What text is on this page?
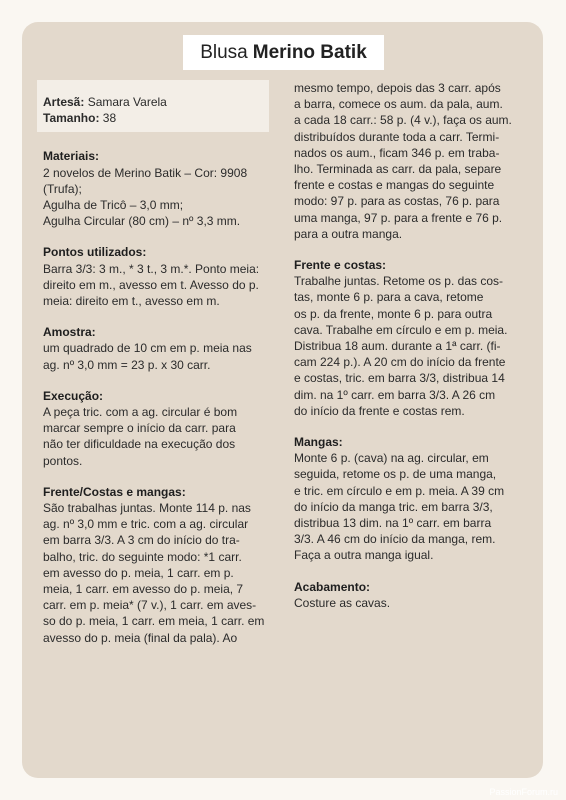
Blusa Merino Batik
Artesã: Samara Varela
Tamanho: 38
Materiais:
2 novelos de Merino Batik – Cor: 9908
(Trufa);
Agulha de Tricô – 3,0 mm;
Agulha Circular (80 cm) – nº 3,3 mm.
Pontos utilizados:
Barra 3/3: 3 m., * 3 t., 3 m.*. Ponto meia:
direito em m., avesso em t. Avesso do p.
meia: direito em t., avesso em m.
Amostra:
um quadrado de 10 cm em p. meia nas
ag. nº 3,0 mm = 23 p. x 30 carr.
Execução:
A peça tric. com a ag. circular é bom
marcar sempre o início da carr. para
não ter dificuldade na execução dos
pontos.
Frente/Costas e mangas:
São trabalhas juntas. Monte 114 p. nas
ag. nº 3,0 mm e tric. com a ag. circular
em barra 3/3. A 3 cm do início do tra-
balho, tric. do seguinte modo: *1 carr.
em avesso do p. meia, 1 carr. em p.
meia, 1 carr. em avesso do p. meia, 7
carr. em p. meia* (7 v.), 1 carr. em aves-
so do p. meia, 1 carr. em meia, 1 carr. em
avesso do p. meia (final da pala). Ao
mesmo tempo, depois das 3 carr. após
a barra, comece os aum. da pala, aum.
a cada 18 carr.: 58 p. (4 v.), faça os aum.
distribuídos durante toda a carr. Termi-
nados os aum., ficam 346 p. em traba-
lho. Terminada as carr. da pala, separe
frente e costas e mangas do seguinte
modo: 97 p. para as costas, 76 p. para
uma manga, 97 p. para a frente e 76 p.
para a outra manga.
Frente e costas:
Trabalhe juntas. Retome os p. das cos-
tas, monte 6 p. para a cava, retome
os p. da frente, monte 6 p. para outra
cava. Trabalhe em círculo e em p. meia.
Distribua 18 aum. durante a 1ª carr. (fi-
cam 224 p.). A 20 cm do início da frente
e costas, tric. em barra 3/3, distribua 14
dim. na 1º carr. em barra 3/3. A 26 cm
do início da frente e costas rem.
Mangas:
Monte 6 p. (cava) na ag. circular, em
seguida, retome os p. de uma manga,
e tric. em círculo e em p. meia. A 39 cm
do início da manga tric. em barra 3/3,
distribua 13 dim. na 1º carr. em barra
3/3. A 46 cm do início da manga, rem.
Faça a outra manga igual.
Acabamento:
Costure as cavas.
PassionForum.ru
